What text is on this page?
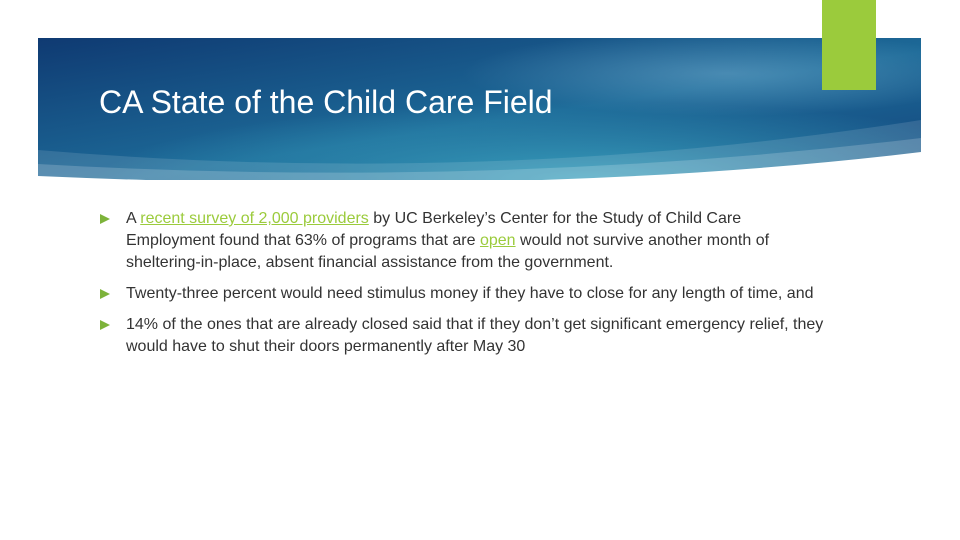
CA State of the Child Care Field
A recent survey of 2,000 providers by UC Berkeley’s Center for the Study of Child Care Employment found that 63% of programs that are open would not survive another month of sheltering-in-place, absent financial assistance from the government.
Twenty-three percent would need stimulus money if they have to close for any length of time, and
14% of the ones that are already closed said that if they don’t get significant emergency relief, they would have to shut their doors permanently after May 30
